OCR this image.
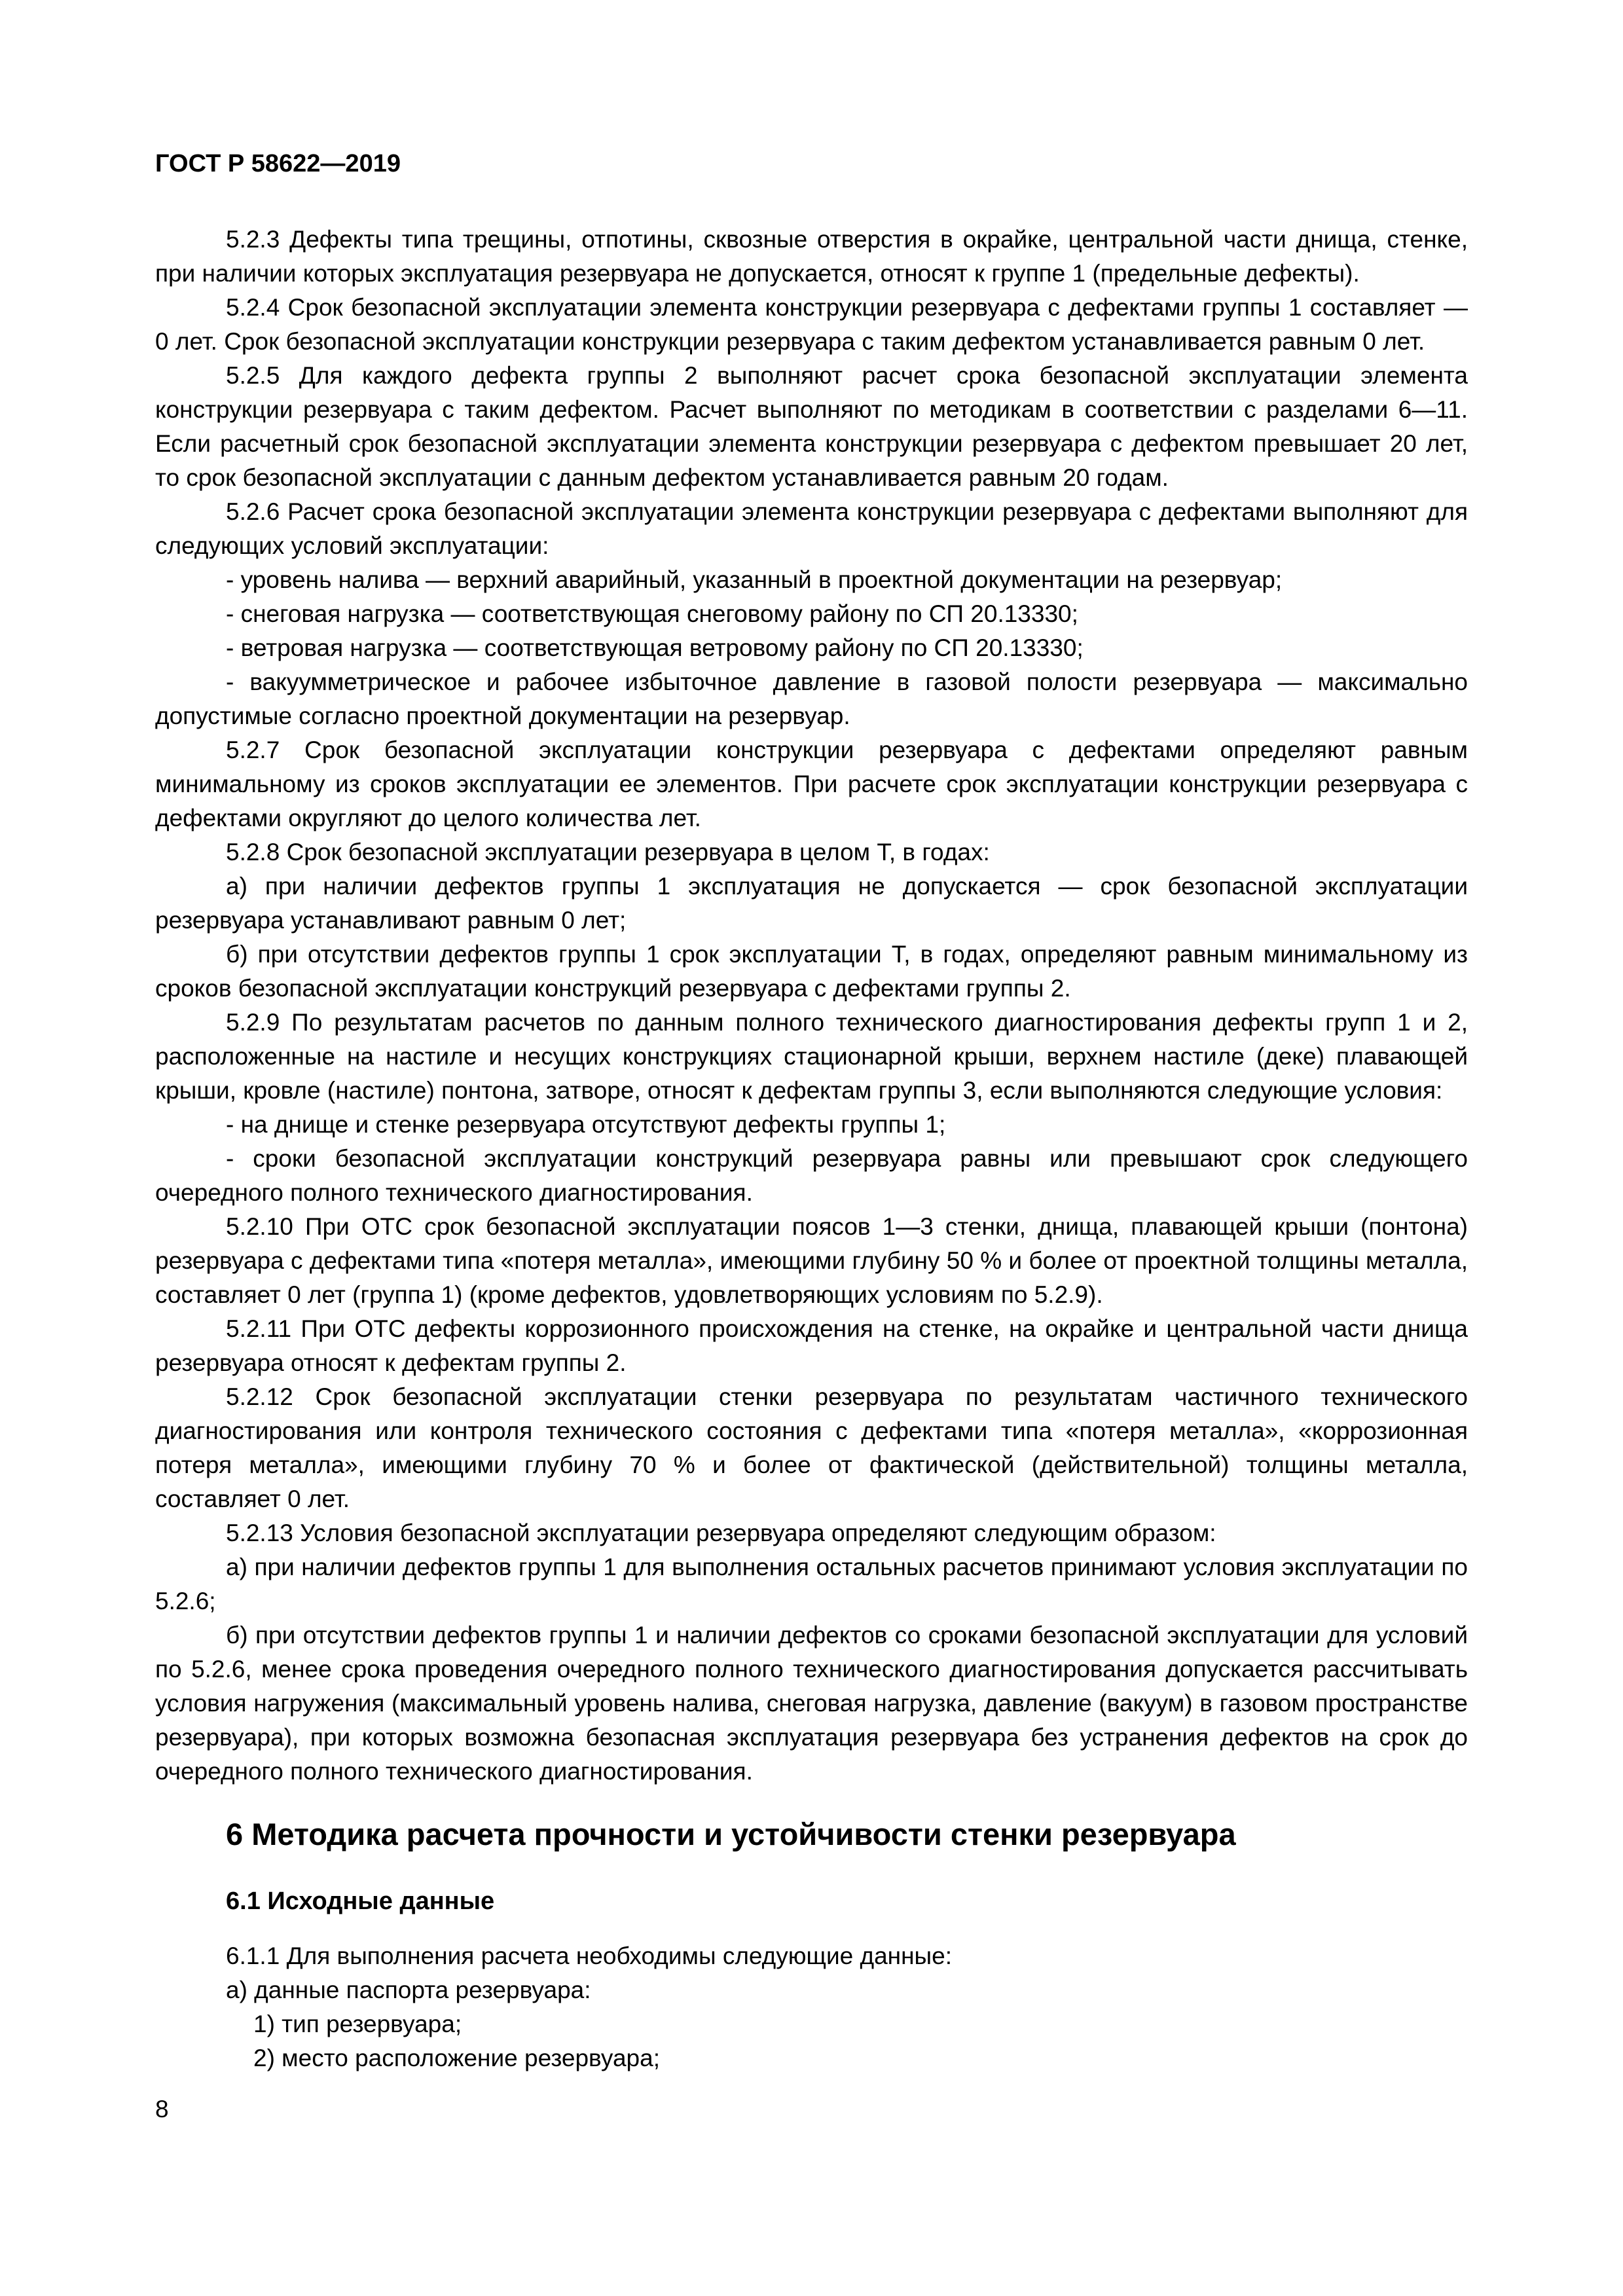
ГОСТ Р 58622—2019

5.2.3 Дефекты типа трещины, отпотины, сквозные отверстия в окрайке, центральной части днища, стенке, при наличии которых эксплуатация резервуара не допускается, относят к группе 1 (предельные дефекты).

5.2.4 Срок безопасной эксплуатации элемента конструкции резервуара с дефектами группы 1 составляет — 0 лет. Срок безопасной эксплуатации конструкции резервуара с таким дефектом устанавливается равным 0 лет.

5.2.5 Для каждого дефекта группы 2 выполняют расчет срока безопасной эксплуатации элемента конструкции резервуара с таким дефектом. Расчет выполняют по методикам в соответствии с разделами 6—11. Если расчетный срок безопасной эксплуатации элемента конструкции резервуара с дефектом превышает 20 лет, то срок безопасной эксплуатации с данным дефектом устанавливается равным 20 годам.

5.2.6 Расчет срока безопасной эксплуатации элемента конструкции резервуара с дефектами выполняют для следующих условий эксплуатации:

- уровень налива — верхний аварийный, указанный в проектной документации на резервуар;

- снеговая нагрузка — соответствующая снеговому району по СП 20.13330;

- ветровая нагрузка — соответствующая ветровому району по СП 20.13330;

- вакуумметрическое и рабочее избыточное давление в газовой полости резервуара — максимально допустимые согласно проектной документации на резервуар.

5.2.7 Срок безопасной эксплуатации конструкции резервуара с дефектами определяют равным минимальному из сроков эксплуатации ее элементов. При расчете срок эксплуатации конструкции резервуара с дефектами округляют до целого количества лет.

5.2.8 Срок безопасной эксплуатации резервуара в целом T, в годах:

а) при наличии дефектов группы 1 эксплуатация не допускается — срок безопасной эксплуатации резервуара устанавливают равным 0 лет;

б) при отсутствии дефектов группы 1 срок эксплуатации T, в годах, определяют равным минимальному из сроков безопасной эксплуатации конструкций резервуара с дефектами группы 2.

5.2.9 По результатам расчетов по данным полного технического диагностирования дефекты групп 1 и 2, расположенные на настиле и несущих конструкциях стационарной крыши, верхнем настиле (деке) плавающей крыши, кровле (настиле) понтона, затворе, относят к дефектам группы 3, если выполняются следующие условия:

- на днище и стенке резервуара отсутствуют дефекты группы 1;

- сроки безопасной эксплуатации конструкций резервуара равны или превышают срок следующего очередного полного технического диагностирования.

5.2.10 При ОТС срок безопасной эксплуатации поясов 1—3 стенки, днища, плавающей крыши (понтона) резервуара с дефектами типа «потеря металла», имеющими глубину 50 % и более от проектной толщины металла, составляет 0 лет (группа 1) (кроме дефектов, удовлетворяющих условиям по 5.2.9).

5.2.11 При ОТС дефекты коррозионного происхождения на стенке, на окрайке и центральной части днища резервуара относят к дефектам группы 2.

5.2.12 Срок безопасной эксплуатации стенки резервуара по результатам частичного технического диагностирования или контроля технического состояния с дефектами типа «потеря металла», «коррозионная потеря металла», имеющими глубину 70 % и более от фактической (действительной) толщины металла, составляет 0 лет.

5.2.13 Условия безопасной эксплуатации резервуара определяют следующим образом:

а) при наличии дефектов группы 1 для выполнения остальных расчетов принимают условия эксплуатации по 5.2.6;

б) при отсутствии дефектов группы 1 и наличии дефектов со сроками безопасной эксплуатации для условий по 5.2.6, менее срока проведения очередного полного технического диагностирования допускается рассчитывать условия нагружения (максимальный уровень налива, снеговая нагрузка, давление (вакуум) в газовом пространстве резервуара), при которых возможна безопасная эксплуатация резервуара без устранения дефектов на срок до очередного полного технического диагностирования.

6 Методика расчета прочности и устойчивости стенки резервуара
6.1 Исходные данные

6.1.1 Для выполнения расчета необходимы следующие данные:

а) данные паспорта резервуара:

1) тип резервуара;

2) место расположение резервуара;

8
